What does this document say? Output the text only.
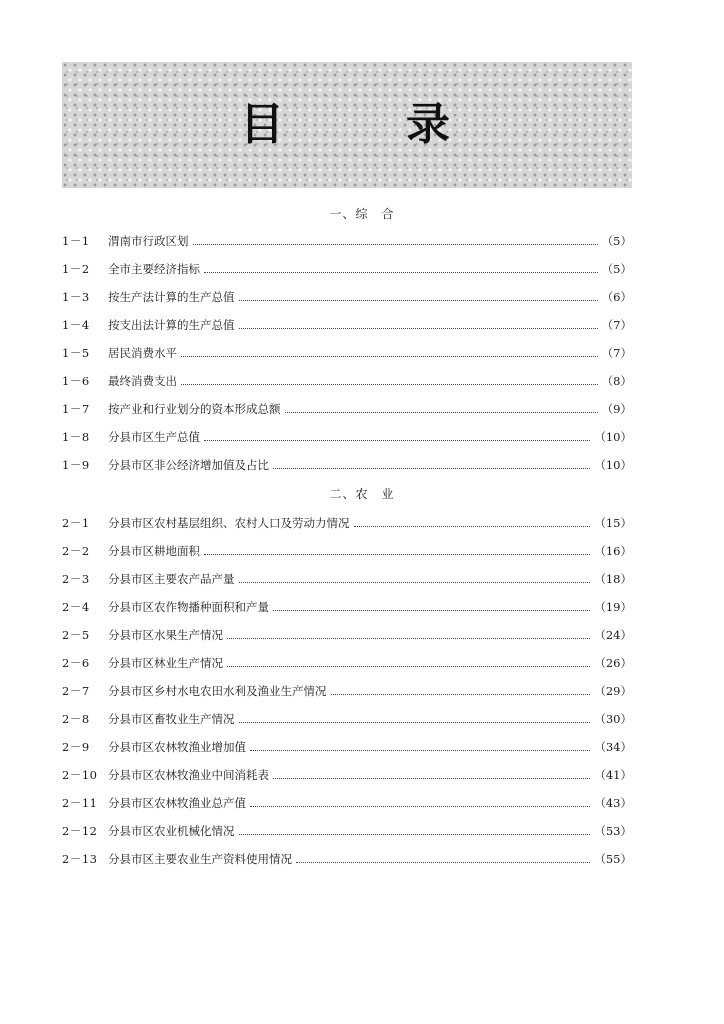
目	录
一、综　合
1－1	渭南市行政区划	（5）
1－2	全市主要经济指标	（5）
1－3	按生产法计算的生产总值	（6）
1－4	按支出法计算的生产总值	（7）
1－5	居民消费水平	（7）
1－6	最终消费支出	（8）
1－7	按产业和行业划分的资本形成总额	（9）
1－8	分县市区生产总值	（10）
1－9	分县市区非公经济增加值及占比	（10）
二、农　业
2－1	分县市区农村基层组织、农村人口及劳动力情况	（15）
2－2	分县市区耕地面积	（16）
2－3	分县市区主要农产品产量	（18）
2－4	分县市区农作物播种面积和产量	（19）
2－5	分县市区水果生产情况	（24）
2－6	分县市区林业生产情况	（26）
2－7	分县市区乡村水电农田水利及渔业生产情况	（29）
2－8	分县市区畜牧业生产情况	（30）
2－9	分县市区农林牧渔业增加值	（34）
2－10 分县市区农林牧渔业中间消耗表	（41）
2－11 分县市区农林牧渔业总产值	（43）
2－12 分县市区农业机械化情况	（53）
2－13 分县市区主要农业生产资料使用情况	（55）
